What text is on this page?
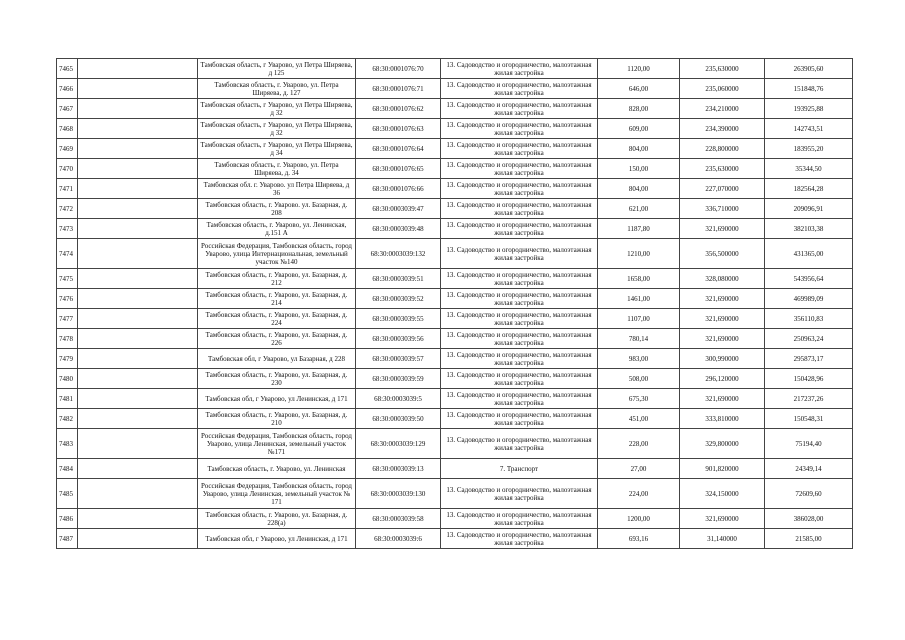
7465		Тамбовская область, г Уварово, ул Петра Ширяева, д 125	68:30:0001076:70	13. Садоводство и огородничество, малоэтажная жилая застройка	1120,00	235,630000	263905,60
7466		Тамбовская область, г. Уварово, ул. Петра Ширяева, д. 127	68:30:0001076:71	13. Садоводство и огородничество, малоэтажная жилая застройка	646,00	235,060000	151848,76
7467		Тамбовская область, г Уварово, ул Петра Ширяева, д 32	68:30:0001076:62	13. Садоводство и огородничество, малоэтажная жилая застройка	828,00	234,210000	193925,88
7468		Тамбовская область, г Уварово, ул Петра Ширяева, д 32	68:30:0001076:63	13. Садоводство и огородничество, малоэтажная жилая застройка	609,00	234,390000	142743,51
7469		Тамбовская область, г Уварово, ул Петра Ширяева, д 34	68:30:0001076:64	13. Садоводство и огородничество, малоэтажная жилая застройка	804,00	228,800000	183955,20
7470		Тамбовская область, г. Уварово, ул. Петра Ширяева, д. 34	68:30:0001076:65	13. Садоводство и огородничество, малоэтажная жилая застройка	150,00	235,630000	35344,50
7471		Тамбовская обл. г. Уварово. ул Петра Ширяева, д 36	68:30:0001076:66	13. Садоводство и огородничество, малоэтажная жилая застройка	804,00	227,070000	182564,28
7472		Тамбовская область, г. Уварово. ул. Базарная, д. 208	68:30:0003039:47	13. Садоводство и огородничество, малоэтажная жилая застройка	621,00	336,710000	209096,91
7473		Тамбовская область, г. Уварово, ул. Ленинская, д.151 А	68:30:0003039:48	13. Садоводство и огородничество, малоэтажная жилая застройка	1187,80	321,690000	382103,38
7474		Российская Федерация, Тамбовская область, город Уварово, улица Интернациональная, земельный участок №140	68:30:0003039:132	13. Садоводство и огородничество, малоэтажная жилая застройка	1210,00	356,500000	431365,00
7475		Тамбовская область, г. Уварово, ул. Базарная, д. 212	68:30:0003039:51	13. Садоводство и огородничество, малоэтажная жилая застройка	1658,00	328,080000	543956,64
7476		Тамбовская область, г. Уварово, ул. Базарная, д. 214	68:30:0003039:52	13. Садоводство и огородничество, малоэтажная жилая застройка	1461,00	321,690000	469989,09
7477		Тамбовская область, г. Уварово, ул. Базарная, д. 224	68:30:0003039:55	13. Садоводство и огородничество, малоэтажная жилая застройка	1107,00	321,690000	356110,83
7478		Тамбовская область, г. Уварово, ул. Базарная, д. 226	68:30:0003039:56	13. Садоводство и огородничество, малоэтажная жилая застройка	780,14	321,690000	250963,24
7479		Тамбовская обл, г Уварово, ул Базарная, д 228	68:30:0003039:57	13. Садоводство и огородничество, малоэтажная жилая застройка	983,00	300,990000	295873,17
7480		Тамбовская область, г. Уварово, ул. Базарная, д. 230	68:30:0003039:59	13. Садоводство и огородничество, малоэтажная жилая застройка	508,00	296,120000	150428,96
7481		Тамбовская обл, г Уварово, ул Ленинская, д 171	68:30:0003039:5	13. Садоводство и огородничество, малоэтажная жилая застройка	675,30	321,690000	217237,26
7482		Тамбовская область, г. Уварово, ул. Базарная, д. 210	68:30:0003039:50	13. Садоводство и огородничество, малоэтажная жилая застройка	451,00	333,810000	150548,31
7483		Российская Федерация, Тамбовская область, город Уварово, улица Ленинская, земельный участок №171	68:30:0003039:129	13. Садоводство и огородничество, малоэтажная жилая застройка	228,00	329,800000	75194,40
7484		Тамбовская область, г. Уварово, ул. Ленинская	68:30:0003039:13	7. Транспорт	27,00	901,820000	24349,14
7485		Российская Федерация, Тамбовская область, город Уварово, улица Ленинская, земельный участок № 171	68:30:0003039:130	13. Садоводство и огородничество, малоэтажная жилая застройка	224,00	324,150000	72609,60
7486		Тамбовская область, г. Уварово, ул. Базарная, д. 228(а)	68:30:0003039:58	13. Садоводство и огородничество, малоэтажная жилая застройка	1200,00	321,690000	386028,00
7487		Тамбовская обл, г Уварово, ул Ленинская, д 171	68:30:0003039:6	13. Садоводство и огородничество, малоэтажная жилая застройка	693,16	31,140000	21585,00
